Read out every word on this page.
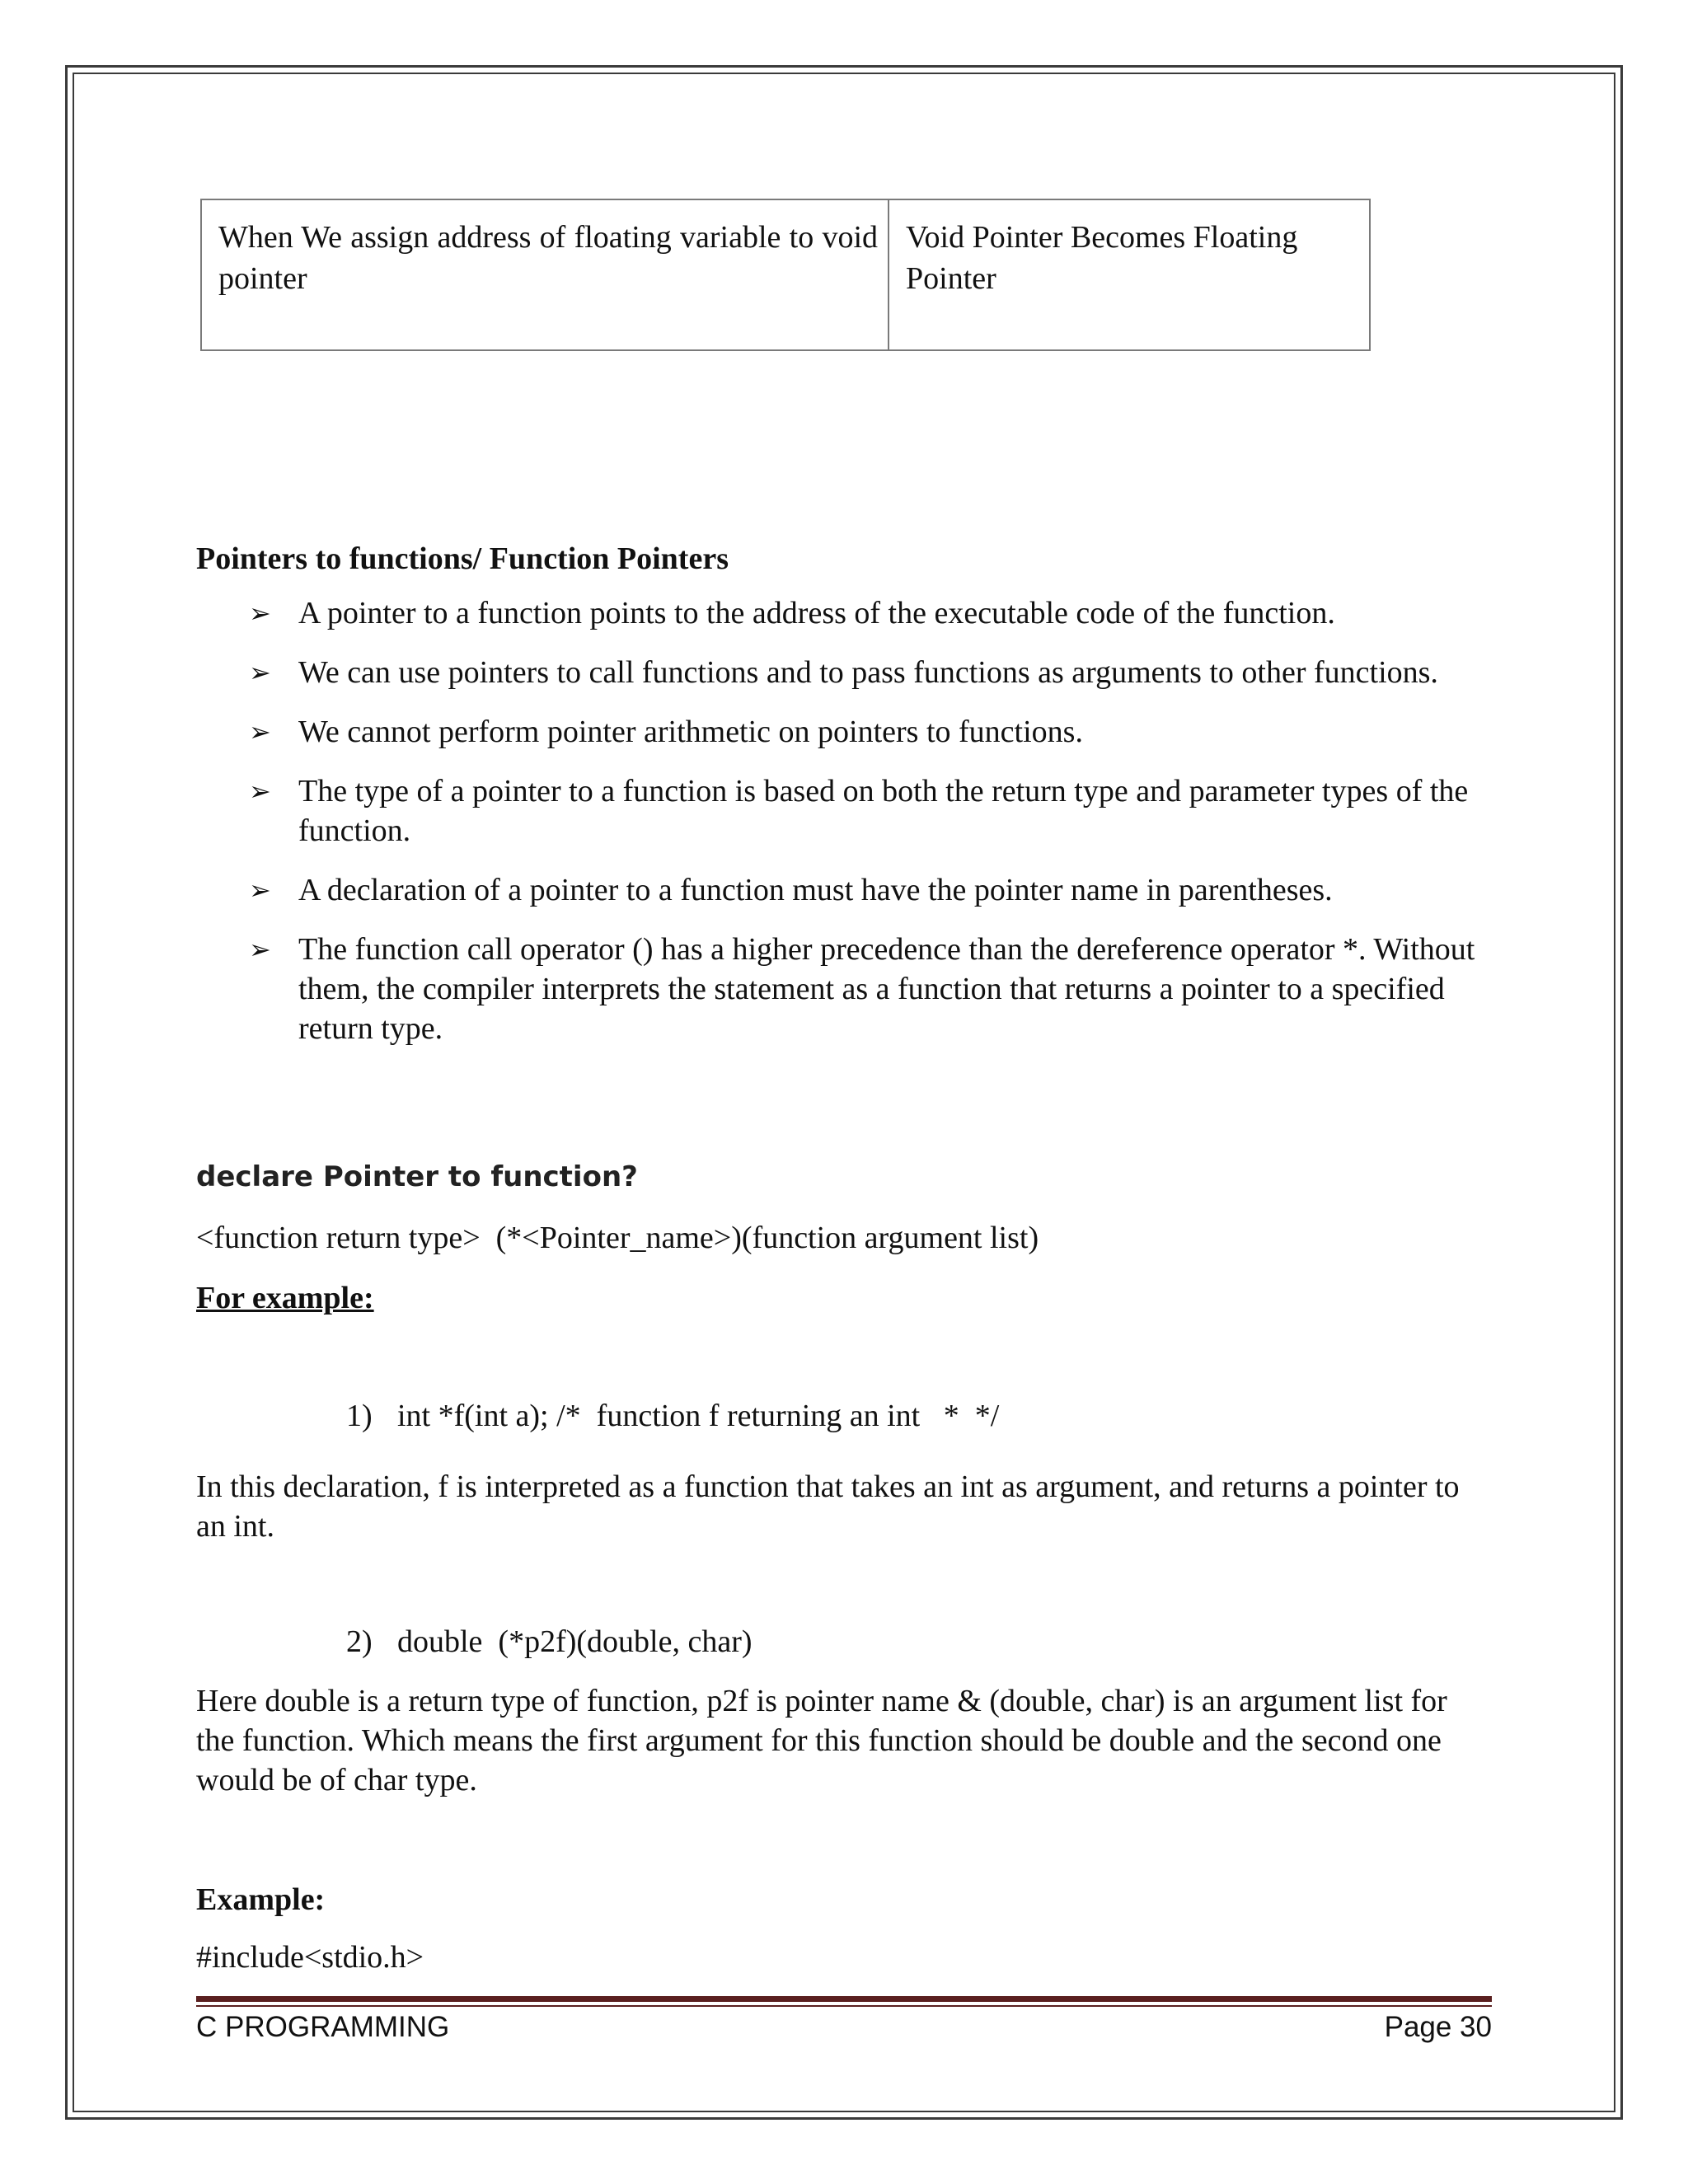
When We assign address of floating variable to void pointer	Void Pointer Becomes Floating Pointer
Pointers to functions/ Function Pointers
➢ A pointer to a function points to the address of the executable code of the function.
➢ We can use pointers to call functions and to pass functions as arguments to other functions.
➢ We cannot perform pointer arithmetic on pointers to functions.
➢ The type of a pointer to a function is based on both the return type and parameter types of the function.
➢ A declaration of a pointer to a function must have the pointer name in parentheses.
➢ The function call operator () has a higher precedence than the dereference operator *. Without them, the compiler interprets the statement as a function that returns a pointer to a specified return type.
declare Pointer to function?
<function return type>  (*<Pointer_name>)(function argument list)
For example:
1) int *f(int a); /*  function f returning an int   *  */
In this declaration, f is interpreted as a function that takes an int as argument, and returns a pointer to an int.
2) double  (*p2f)(double, char)
Here double is a return type of function, p2f is pointer name & (double, char) is an argument list for the function. Which means the first argument for this function should be double and the second one would be of char type.
Example:
#include<stdio.h>
C PROGRAMMING	Page 30
